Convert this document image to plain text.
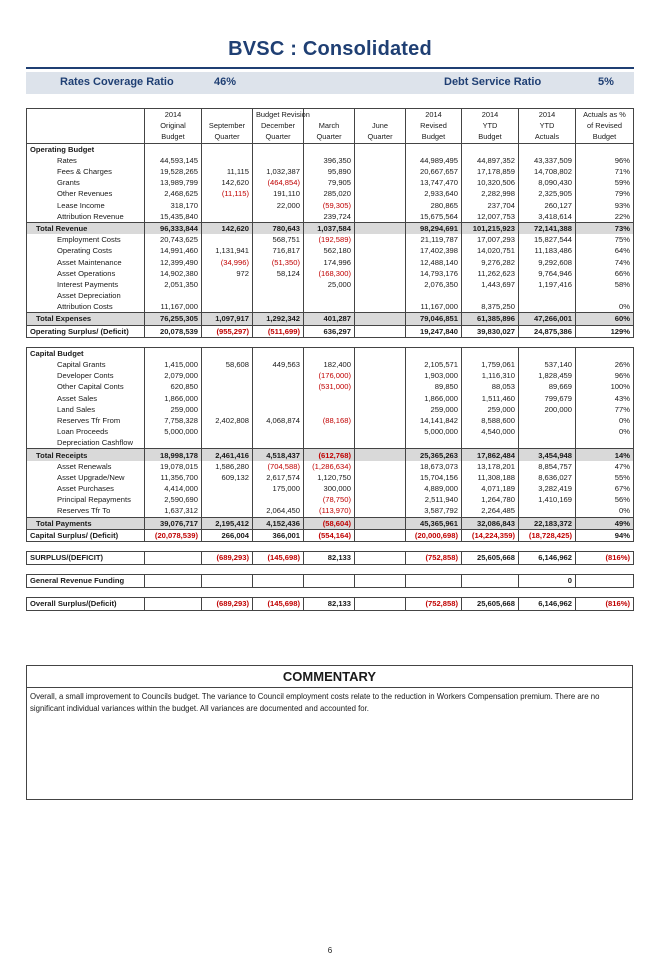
BVSC : Consolidated
Rates Coverage Ratio	46%	Debt Service Ratio	5%
	2014		Budget Revision			2014	2014	2014	Actuals as %
	Original	September	December	March	June	Revised	YTD	YTD	of Revised
	Budget	Quarter	Quarter	Quarter	Quarter	Budget	Budget	Actuals	Budget
Operating Budget									
Rates	44,593,145			396,350		44,989,495	44,897,352	43,337,509	96%
Fees & Charges	19,528,265	11,115	1,032,387	95,890		20,667,657	17,178,859	14,708,802	71%
Grants	13,989,799	142,620	(464,854)	79,905		13,747,470	10,320,506	8,090,430	59%
Other Revenues	2,468,625	(11,115)	191,110	285,020		2,933,640	2,282,998	2,325,905	79%
Lease Income	318,170		22,000	(59,305)		280,865	237,704	260,127	93%
Attribution Revenue	15,435,840			239,724		15,675,564	12,007,753	3,418,614	22%
Total Revenue	96,333,844	142,620	780,643	1,037,584		98,294,691	101,215,923	72,141,388	73%
Employment Costs	20,743,625		568,751	(192,589)		21,119,787	17,007,293	15,827,544	75%
Operating Costs	14,991,460	1,131,941	716,817	562,180		17,402,398	14,020,751	11,183,486	64%
Asset Maintenance	12,399,490	(34,996)	(51,350)	174,996		12,488,140	9,276,282	9,292,608	74%
Asset Operations	14,902,380	972	58,124	(168,300)		14,793,176	11,262,623	9,764,946	66%
Interest Payments	2,051,350			25,000		2,076,350	1,443,697	1,197,416	58%
Asset Depreciation									
Attribution Costs	11,167,000					11,167,000	8,375,250		0%
Total Expenses	76,255,305	1,097,917	1,292,342	401,287		79,046,851	61,385,896	47,266,001	60%
Operating Surplus/ (Deficit)	20,078,539	(955,297)	(511,699)	636,297		19,247,840	39,830,027	24,875,386	129%

Capital Budget									
Capital Grants	1,415,000	58,608	449,563	182,400		2,105,571	1,759,061	537,140	26%
Developer Conts	2,079,000			(176,000)		1,903,000	1,116,310	1,828,459	96%
Other Capital Conts	620,850			(531,000)		89,850	88,053	89,669	100%
Asset Sales	1,866,000					1,866,000	1,511,460	799,679	43%
Land Sales	259,000					259,000	259,000	200,000	77%
Reserves Tfr From	7,758,328	2,402,808	4,068,874	(88,168)		14,141,842	8,588,600		0%
Loan Proceeds	5,000,000					5,000,000	4,540,000		0%
Depreciation Cashflow									
Total Receipts	18,998,178	2,461,416	4,518,437	(612,768)		25,365,263	17,862,484	3,454,948	14%
Asset Renewals	19,078,015	1,586,280	(704,588)	(1,286,634)		18,673,073	13,178,201	8,854,757	47%
Asset Upgrade/New	11,356,700	609,132	2,617,574	1,120,750		15,704,156	11,308,188	8,636,027	55%
Asset Purchases	4,414,000		175,000	300,000		4,889,000	4,071,189	3,282,419	67%
Principal Repayments	2,590,690			(78,750)		2,511,940	1,264,780	1,410,169	56%
Reserves Tfr To	1,637,312		2,064,450	(113,970)		3,587,792	2,264,485		0%
Total Payments	39,076,717	2,195,412	4,152,436	(58,604)		45,365,961	32,086,843	22,183,372	49%
Capital Surplus/ (Deficit)	(20,078,539)	266,004	366,001	(554,164)		(20,000,698)	(14,224,359)	(18,728,425)	94%

SURPLUS/(DEFICIT)		(689,293)	(145,698)	82,133		(752,858)	25,605,668	6,146,962	(816%)

General Revenue Funding								0	

Overall Surplus/(Deficit)		(689,293)	(145,698)	82,133		(752,858)	25,605,668	6,146,962	(816%)
COMMENTARY
Overall, a small improvement to Councils budget. The variance to Council employment costs relate to the reduction in Workers Compensation premium. There are no significant individual variances within the budget. All variances are documented and accounted for.
6
